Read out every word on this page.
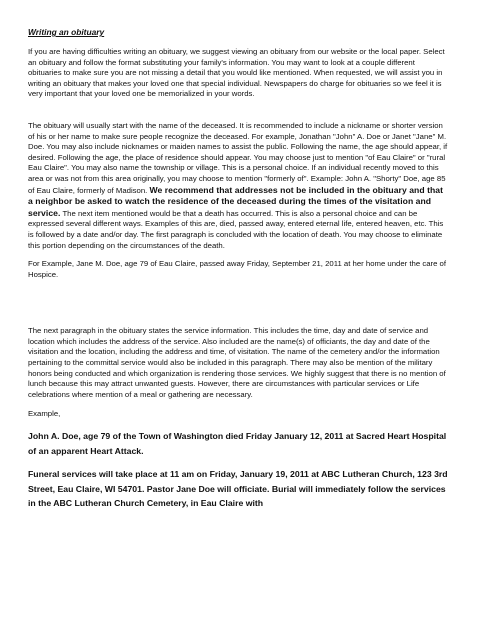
Writing an obituary

If you are having difficulties writing an obituary, we suggest viewing an obituary from our website or the local paper. Select an obituary and follow the format substituting your family's information. You may want to look at a couple different obituaries to make sure you are not missing a detail that you would like mentioned. When requested, we will assist you in writing an obituary that makes your loved one that special individual. Newspapers do charge for obituaries so we feel it is very important that your loved one be memorialized in your words.

The obituary will usually start with the name of the deceased. It is recommended to include a nickname or shorter version of his or her name to make sure people recognize the deceased. For example, Jonathan "John" A. Doe or Janet "Jane" M. Doe. You may also include nicknames or maiden names to assist the public. Following the name, the age should appear, if desired. Following the age, the place of residence should appear. You may choose just to mention "of Eau Claire" or "rural Eau Claire". You may also name the township or village. This is a personal choice. If an individual recently moved to this area or was not from this area originally, you may choose to mention "formerly of". Example: John A. "Shorty" Doe, age 85 of Eau Claire, formerly of Madison. We recommend that addresses not be included in the obituary and that a neighbor be asked to watch the residence of the deceased during the times of the visitation and service. The next item mentioned would be that a death has occurred. This is also a personal choice and can be expressed several different ways. Examples of this are, died, passed away, entered eternal life, entered heaven, etc. This is followed by a date and/or day. The first paragraph is concluded with the location of death. You may choose to eliminate this portion depending on the circumstances of the death.

For Example, Jane M. Doe, age 79 of Eau Claire, passed away Friday, September 21, 2011 at her home under the care of Hospice.

The next paragraph in the obituary states the service information. This includes the time, day and date of service and location which includes the address of the service. Also included are the name(s) of officiants, the day and date of the visitation and the location, including the address and time, of visitation. The name of the cemetery and/or the information pertaining to the committal service would also be included in this paragraph. There may also be mention of the military honors being conducted and which organization is rendering those services. We highly suggest that there is no mention of lunch because this may attract unwanted guests. However, there are circumstances with particular services or Life celebrations where mention of a meal or gathering are necessary.

Example,

John A. Doe, age 79 of the Town of Washington died Friday January 12, 2011 at Sacred Heart Hospital of an apparent Heart Attack.

Funeral services will take place at 11 am on Friday, January 19, 2011 at ABC Lutheran Church, 123 3rd Street, Eau Claire, WI 54701. Pastor Jane Doe will officiate. Burial will immediately follow the services in the ABC Lutheran Church Cemetery, in Eau Claire with
